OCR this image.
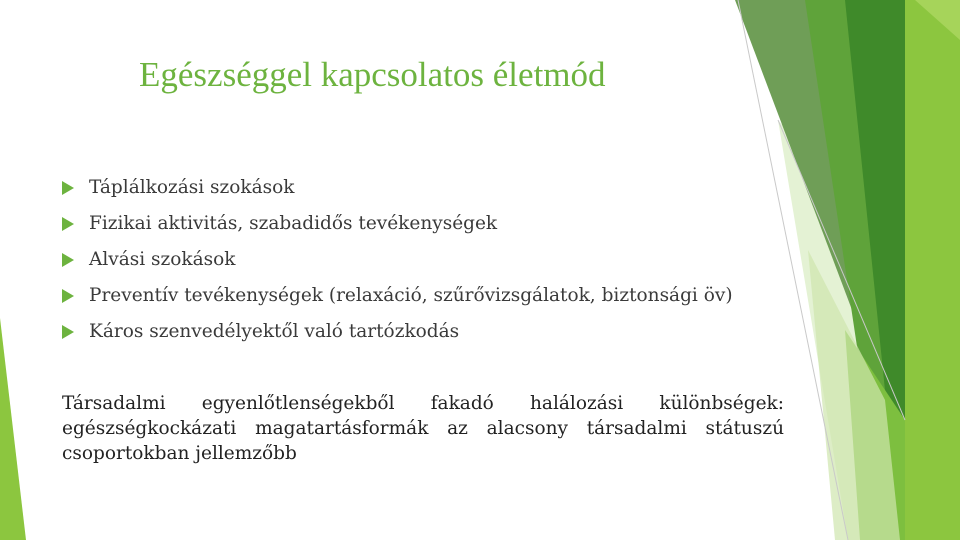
Egészséggel kapcsolatos életmód
Táplálkozási szokások
Fizikai aktivitás, szabadidős tevékenységek
Alvási szokások
Preventív tevékenységek (relaxáció, szűrővizsgálatok, biztonsági öv)
Káros szenvedélyektől való tartózkodás

Társadalmi egyenlőtlenségekből fakadó halálozási különbségek: egészségkockázati magatartásformák az alacsony társadalmi státuszú csoportokban jellemzőbb
